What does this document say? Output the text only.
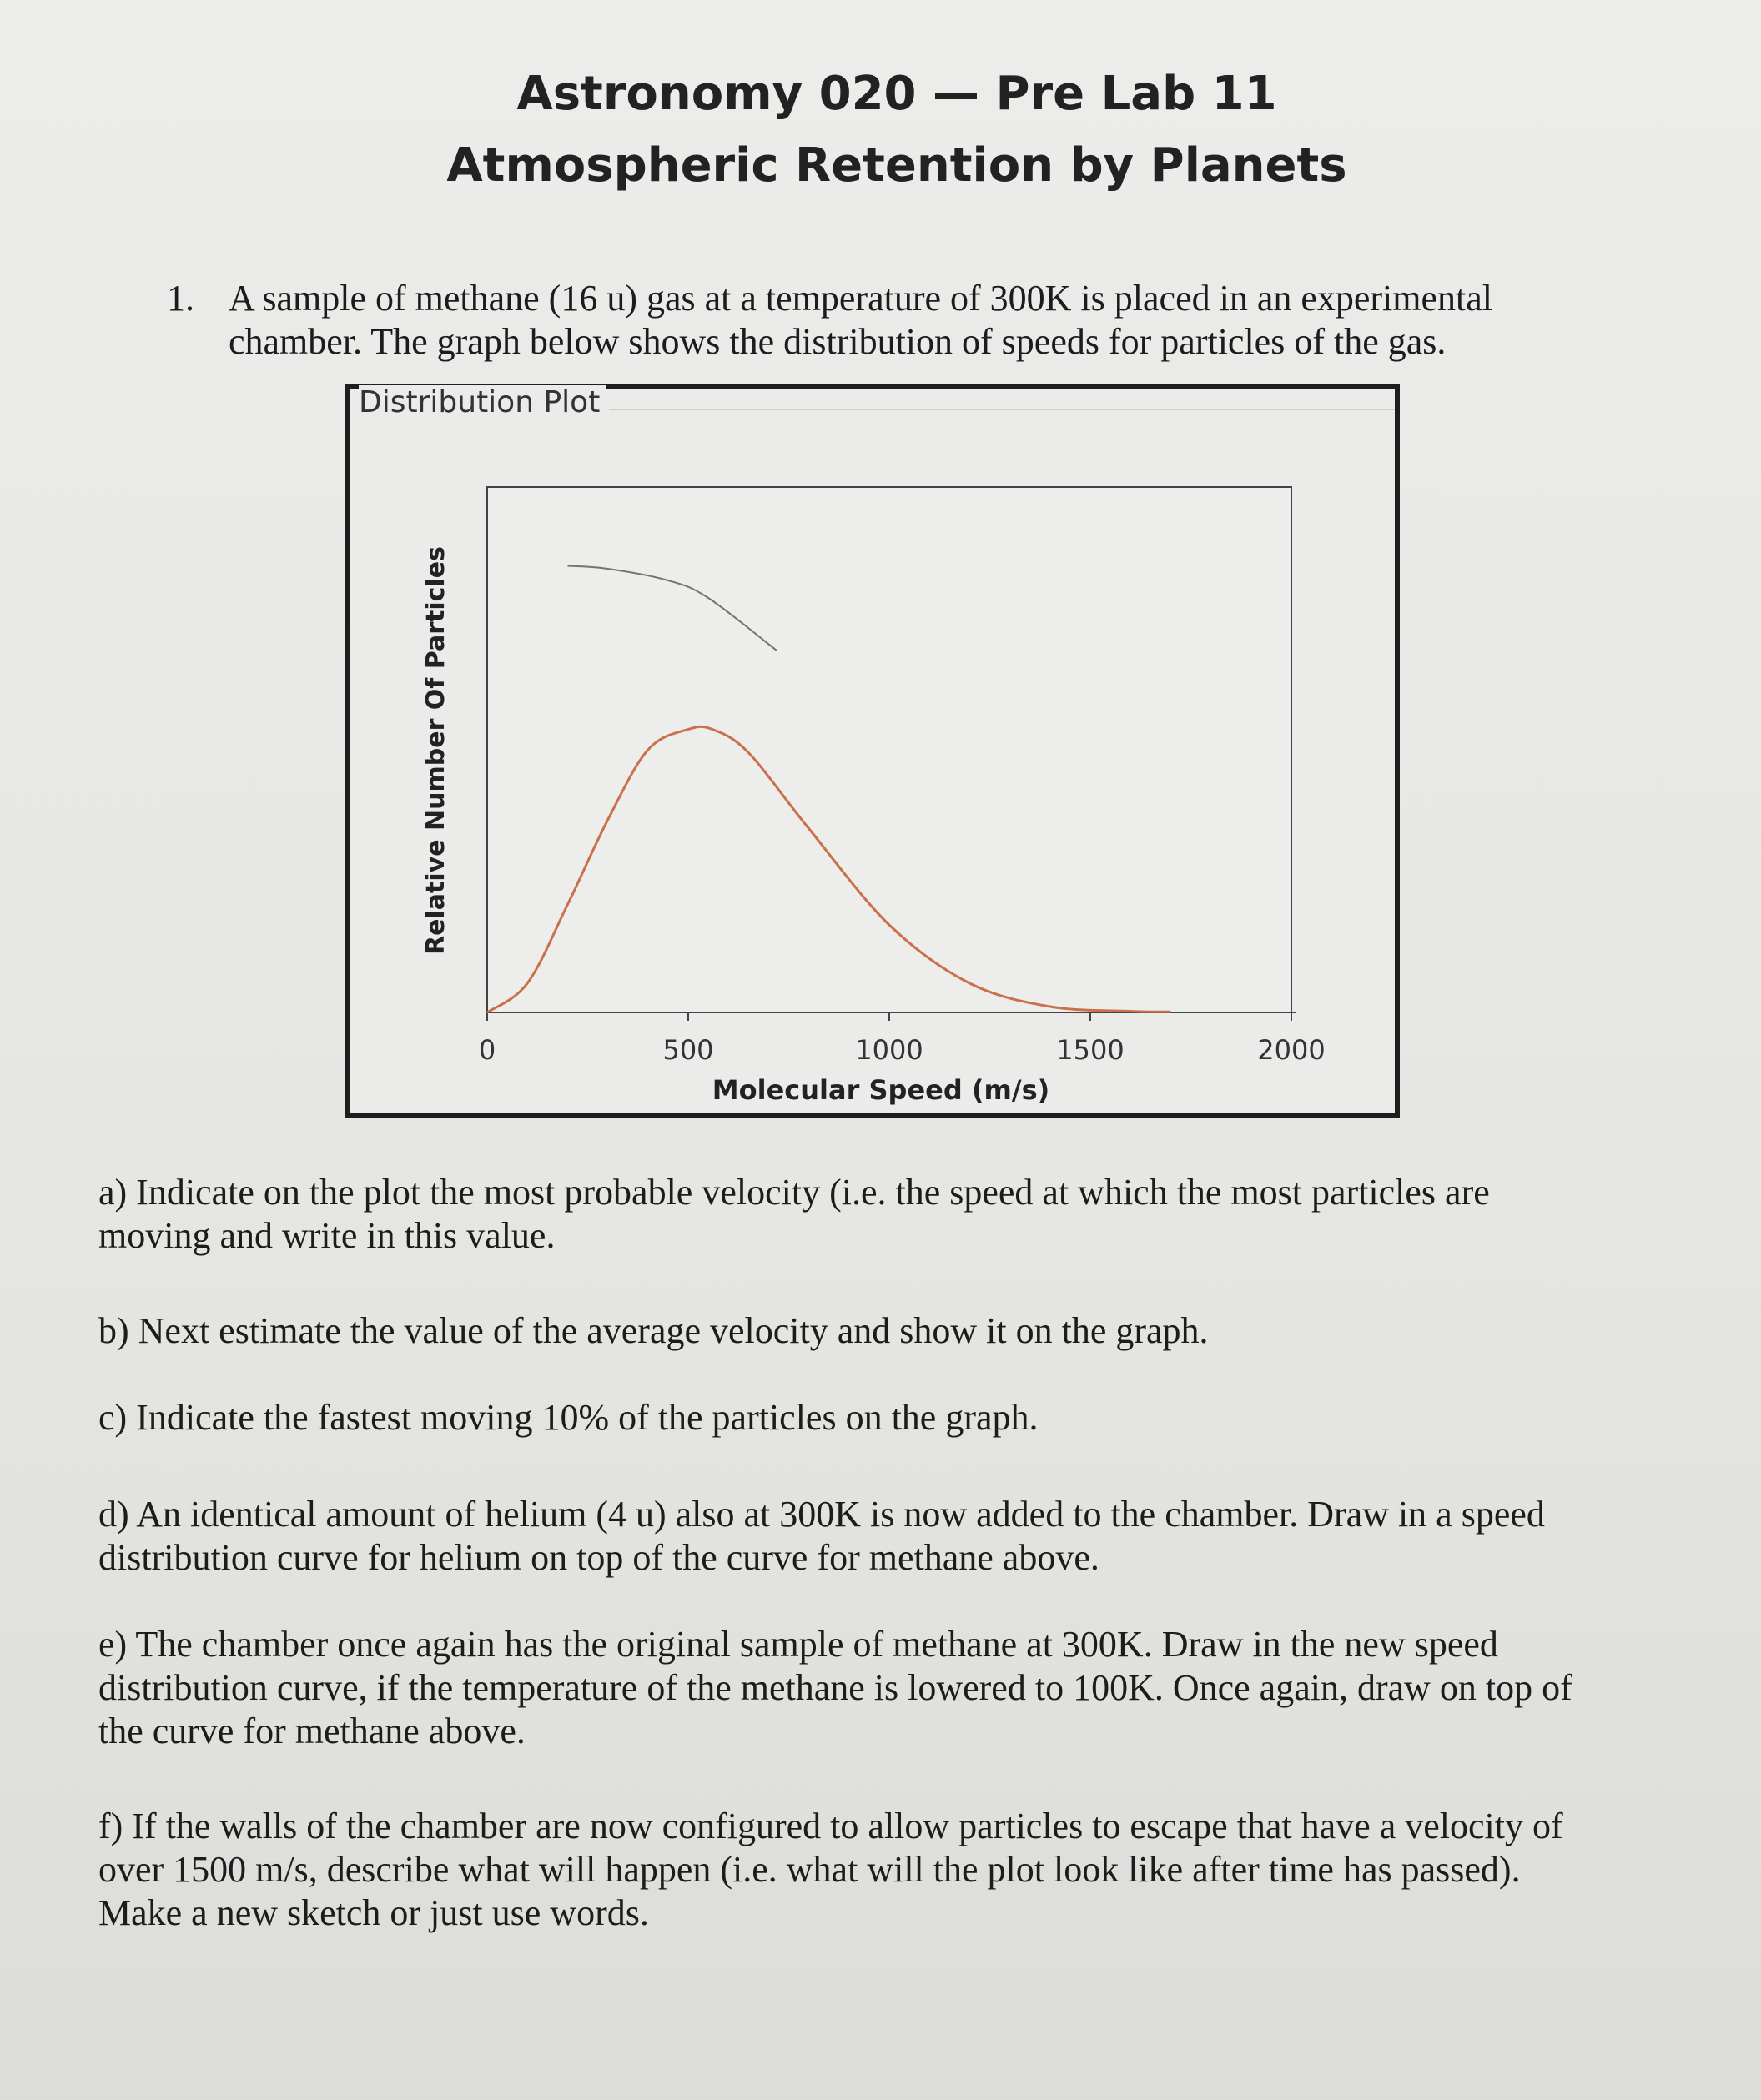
Astronomy 020 — Pre Lab 11
Atmospheric Retention by Planets
1. A sample of methane (16 u) gas at a temperature of 300K is placed in an experimental
chamber. The graph below shows the distribution of speeds for particles of the gas.
Distribution Plot
0	500	1000	1500	2000
Molecular Speed (m/s)
Relative Number Of Particles
a) Indicate on the plot the most probable velocity (i.e. the speed at which the most particles are
moving and write in this value.
b) Next estimate the value of the average velocity and show it on the graph.
c) Indicate the fastest moving 10% of the particles on the graph.
d) An identical amount of helium (4 u) also at 300K is now added to the chamber. Draw in a speed
distribution curve for helium on top of the curve for methane above.
e) The chamber once again has the original sample of methane at 300K. Draw in the new speed
distribution curve, if the temperature of the methane is lowered to 100K. Once again, draw on top of
the curve for methane above.
f) If the walls of the chamber are now configured to allow particles to escape that have a velocity of
over 1500 m/s, describe what will happen (i.e. what will the plot look like after time has passed).
Make a new sketch or just use words.
